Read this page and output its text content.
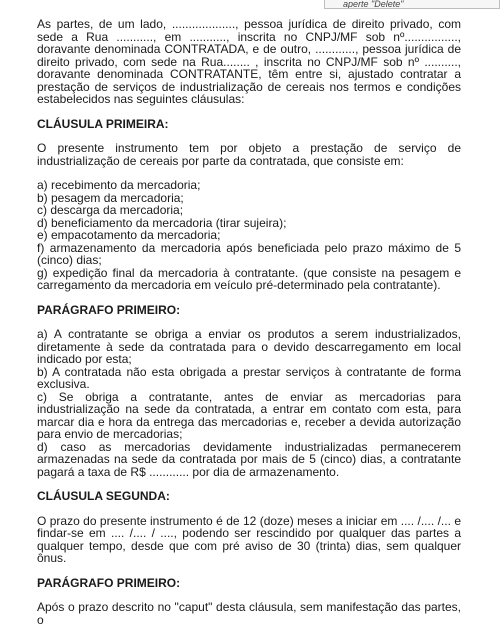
aperte "Delete"

As partes, de um lado, ..................., pessoa jurídica de direito privado, com sede a Rua ..........., em ..........., inscrita no CNPJ/MF sob nº................, doravante denominada CONTRATADA, e de outro, ............, pessoa jurídica de direito privado, com sede na Rua........ , inscrita no CNPJ/MF sob nº .........., doravante denominada CONTRATANTE, têm entre si, ajustado contratar a prestação de serviços de industrialização de cereais nos termos e condições estabelecidos nas seguintes cláusulas:

CLÁUSULA PRIMEIRA:

O presente instrumento tem por objeto a prestação de serviço de industrialização de cereais por parte da contratada, que consiste em:

a) recebimento da mercadoria;
b) pesagem da mercadoria;
c) descarga da mercadoria;
d) beneficiamento da mercadoria (tirar sujeira);
e) empacotamento da mercadoria;
f) armazenamento da mercadoria após beneficiada pelo prazo máximo de 5 (cinco) dias;
g) expedição final da mercadoria à contratante. (que consiste na pesagem e carregamento da mercadoria em veículo pré-determinado pela contratante).

PARÁGRAFO PRIMEIRO:

a) A contratante se obriga a enviar os produtos a serem industrializados, diretamente à sede da contratada para o devido descarregamento em local indicado por esta;
b) A contratada não esta obrigada a prestar serviços à contratante de forma exclusiva.
c) Se obriga a contratante, antes de enviar as mercadorias para industrialização na sede da contratada, a entrar em contato com esta, para marcar dia e hora da entrega das mercadorias e, receber a devida autorização para envio de mercadorias;
d) caso as mercadorias devidamente industrializadas permanecerem armazenadas na sede da contratada por mais de 5 (cinco) dias, a contratante pagará a taxa de R$ ............ por dia de armazenamento.

CLÁUSULA SEGUNDA:

O prazo do presente instrumento é de 12 (doze) meses a iniciar em .... /.... /... e findar-se em .... /.... / ...., podendo ser rescindido por qualquer das partes a qualquer tempo, desde que com pré aviso de 30 (trinta) dias, sem qualquer ônus.

PARÁGRAFO PRIMEIRO:

Após o prazo descrito no "caput" desta cláusula, sem manifestação das partes, o
